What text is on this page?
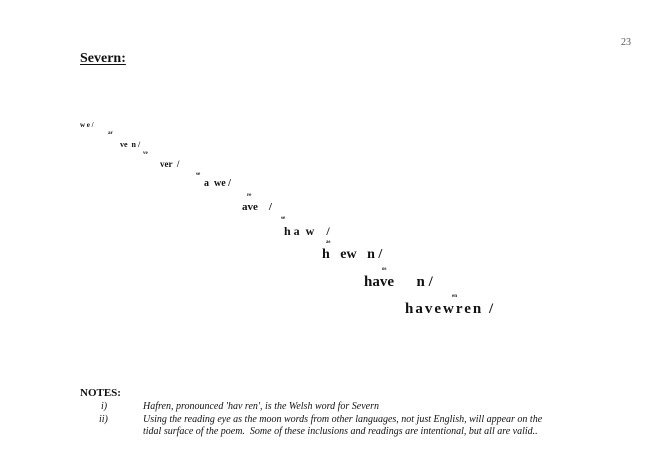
23
Severn:
w e /
ar
ve  n /
ve
ver  /
se
a  we /
re
ave    /
se
h a  w    /
as
h   ew   n /
os
have      n /
en
havewren /
NOTES:
i)	Hafren, pronounced 'hav ren', is the Welsh word for Severn
ii)	Using the reading eye as the moon words from other languages, not just English, will appear on the
tidal surface of the poem.  Some of these inclusions and readings are intentional, but all are valid..
